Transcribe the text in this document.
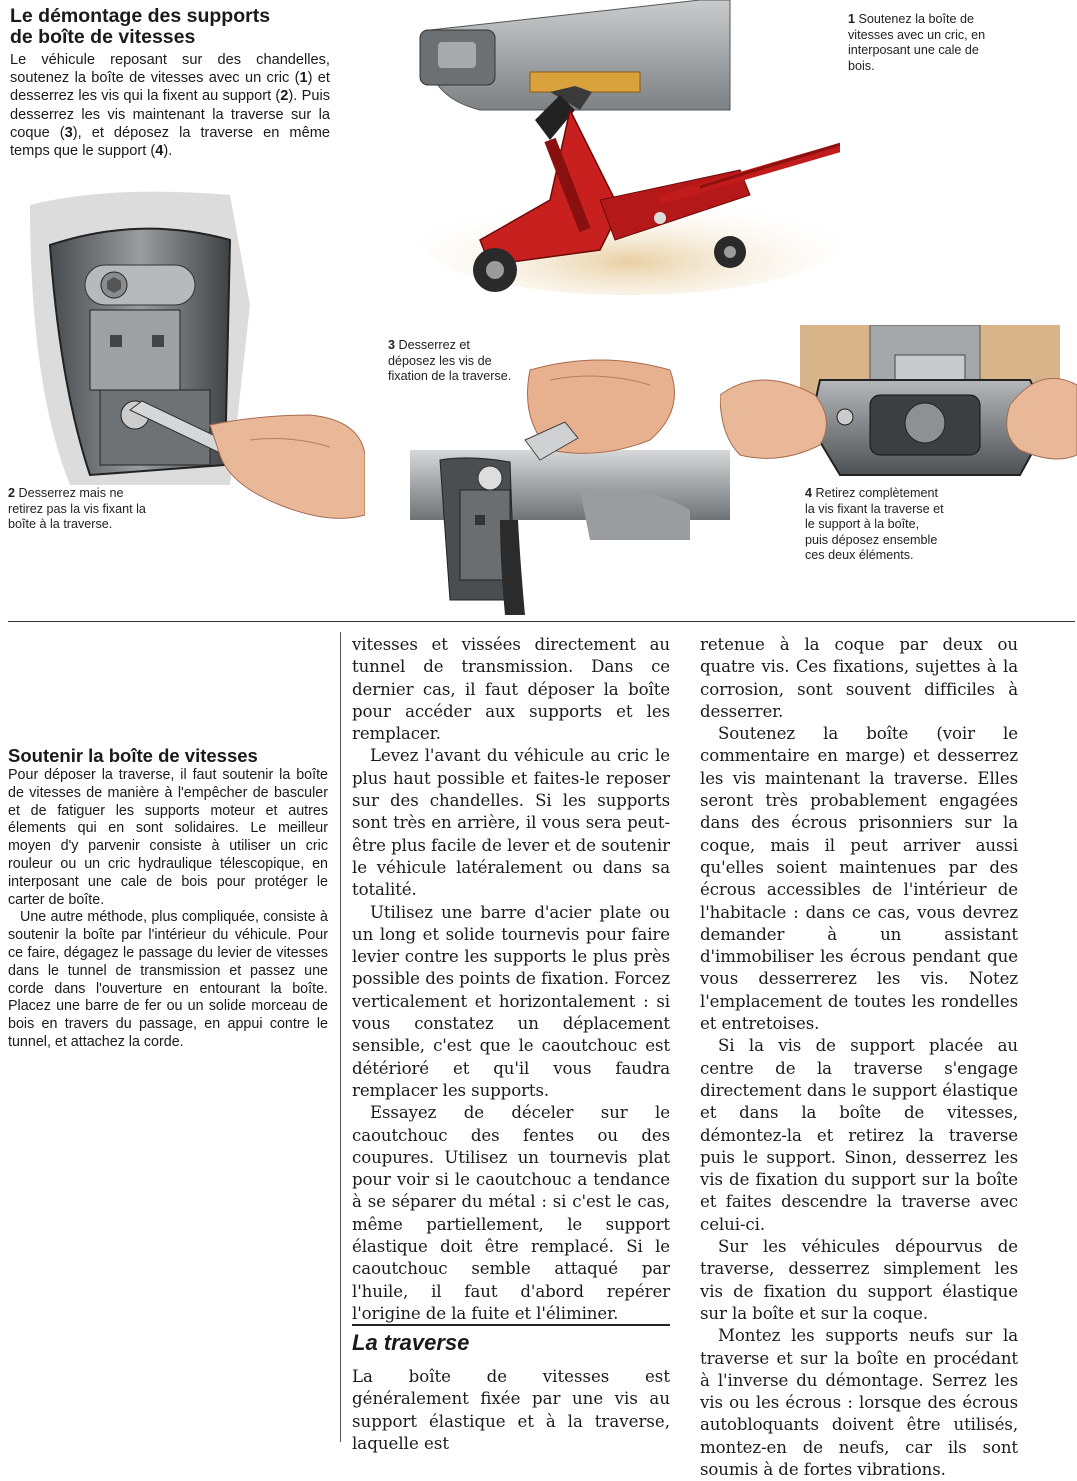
Le démontage des supports
de boîte de vitesses

Le véhicule reposant sur des chandelles, soutenez la boîte de vitesses avec un cric (1) et desserrez les vis qui la fixent au support (2). Puis desserrez les vis maintenant la traverse sur la coque (3), et déposez la traverse en même temps que le support (4).

1 Soutenez la boîte de vitesses avec un cric, en interposant une cale de bois.

2 Desserrez mais ne retirez pas la vis fixant la boîte à la traverse.

3 Desserrez et déposez les vis de fixation de la traverse.

4 Retirez complètement la vis fixant la traverse et le support à la boîte, puis déposez ensemble ces deux éléments.

Soutenir la boîte de vitesses

Pour déposer la traverse, il faut soutenir la boîte de vitesses de manière à l'empêcher de basculer et de fatiguer les supports moteur et autres élements qui en sont solidaires. Le meilleur moyen d'y parvenir consiste à utiliser un cric rouleur ou un cric hydraulique télescopique, en interposant une cale de bois pour protéger le carter de boîte.

Une autre méthode, plus compliquée, consiste à soutenir la boîte par l'intérieur du véhicule. Pour ce faire, dégagez le passage du levier de vitesses dans le tunnel de transmission et passez une corde dans l'ouverture en entourant la boîte. Placez une barre de fer ou un solide morceau de bois en travers du passage, en appui contre le tunnel, et attachez la corde.

vitesses et vissées directement au tunnel de transmission. Dans ce dernier cas, il faut déposer la boîte pour accéder aux supports et les remplacer.

Levez l'avant du véhicule au cric le plus haut possible et faites-le reposer sur des chandelles. Si les supports sont très en arrière, il vous sera peut-être plus facile de lever et de soutenir le véhicule latéralement ou dans sa totalité.

Utilisez une barre d'acier plate ou un long et solide tournevis pour faire levier contre les supports le plus près possible des points de fixation. Forcez verticalement et horizontalement : si vous constatez un déplacement sensible, c'est que le caoutchouc est détérioré et qu'il vous faudra remplacer les supports.

Essayez de déceler sur le caoutchouc des fentes ou des coupures. Utilisez un tournevis plat pour voir si le caoutchouc a tendance à se séparer du métal : si c'est le cas, même partiellement, le support élastique doit être remplacé. Si le caoutchouc semble attaqué par l'huile, il faut d'abord repérer l'origine de la fuite et l'éliminer.

La traverse

La boîte de vitesses est généralement fixée par une vis au support élastique et à la traverse, laquelle est

retenue à la coque par deux ou quatre vis. Ces fixations, sujettes à la corrosion, sont souvent difficiles à desserrer.

Soutenez la boîte (voir le commentaire en marge) et desserrez les vis maintenant la traverse. Elles seront très probablement engagées dans des écrous prisonniers sur la coque, mais il peut arriver aussi qu'elles soient maintenues par des écrous accessibles de l'intérieur de l'habitacle : dans ce cas, vous devrez demander à un assistant d'immobiliser les écrous pendant que vous desserrerez les vis. Notez l'emplacement de toutes les rondelles et entretoises.

Si la vis de support placée au centre de la traverse s'engage directement dans le support élastique et dans la boîte de vitesses, démontez-la et retirez la traverse puis le support. Sinon, desserrez les vis de fixation du support sur la boîte et faites descendre la traverse avec celui-ci.

Sur les véhicules dépourvus de traverse, desserrez simplement les vis de fixation du support élastique sur la boîte et sur la coque.

Montez les supports neufs sur la traverse et sur la boîte en procédant à l'inverse du démontage. Serrez les vis ou les écrous : lorsque des écrous autobloquants doivent être utilisés, montez-en de neufs, car ils sont soumis à de fortes vibrations.
